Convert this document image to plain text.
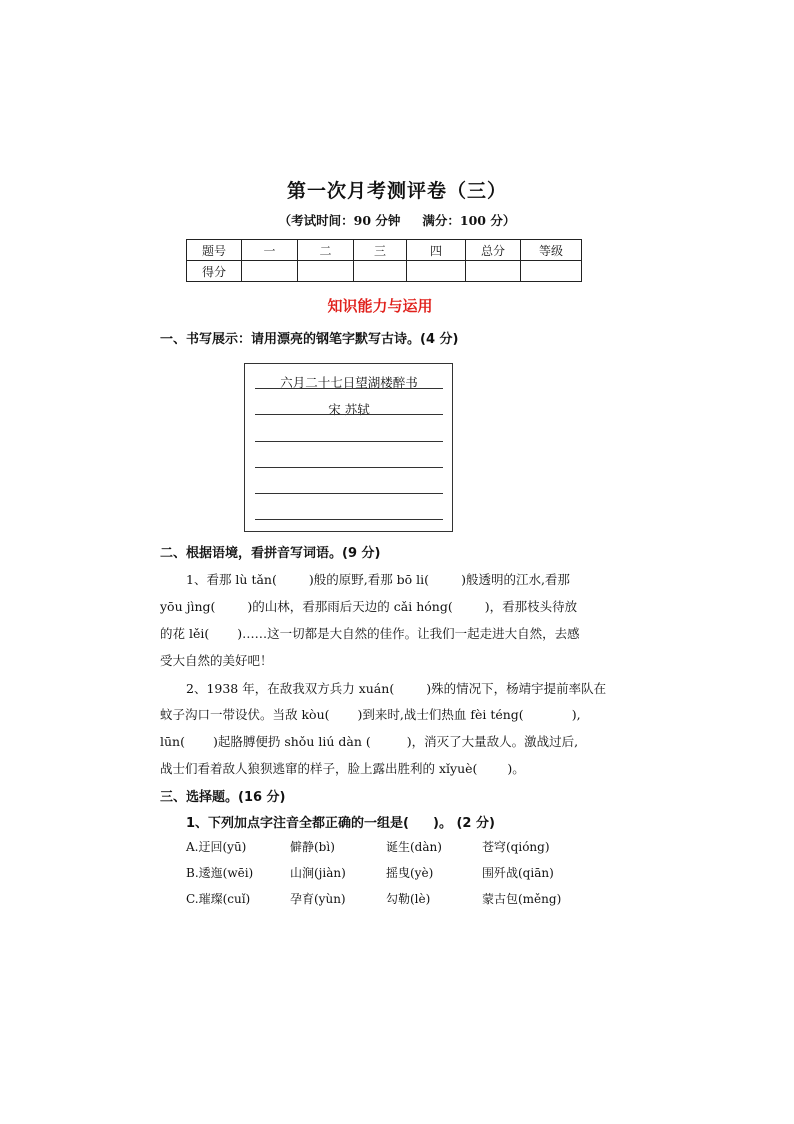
第一次月考测评卷（三）
（考试时间：90 分钟 满分：100 分）
题号	一	二	三	四	总分	等级
得分						
知识能力与运用
一、书写展示：请用漂亮的钢笔字默写古诗。(4 分)
六月二十七日望湖楼醉书
宋 苏轼
二、根据语境，看拼音写词语。(9 分)
1、看那 lù tǎn(	)般的原野,看那 bō li(	)般透明的江水,看那
yōu jìng(	)的山林，看那雨后天边的 cǎi hóng(	)，看那枝头待放
的花 lěi( )……这一切都是大自然的佳作。让我们一起走进大自然，去感
受大自然的美好吧！
2、1938 年，在敌我双方兵力 xuán(	)殊的情况下，杨靖宇提前率队在
蚊子沟口一带设伏。当敌 kòu( )到来时,战士们热血 fèi téng(	),
lūn( )起胳膊便扔 shǒu liú dàn (	)，消灭了大量敌人。激战过后,
战士们看着敌人狼狈逃窜的样子，脸上露出胜利的 xǐyuè( )。
三、选择题。(16 分)
1、下列加点字注音全都正确的一组是( )。 (2 分)
A.迂回(yū)	僻静(bì)	诞生(dàn)	苍穹(qióng)
B.逶迤(wēi)	山涧(jiàn)	摇曳(yè)	围歼战(qiān)
C.璀璨(cuǐ)	孕育(yùn)	勾勒(lè)	蒙古包(měng)
